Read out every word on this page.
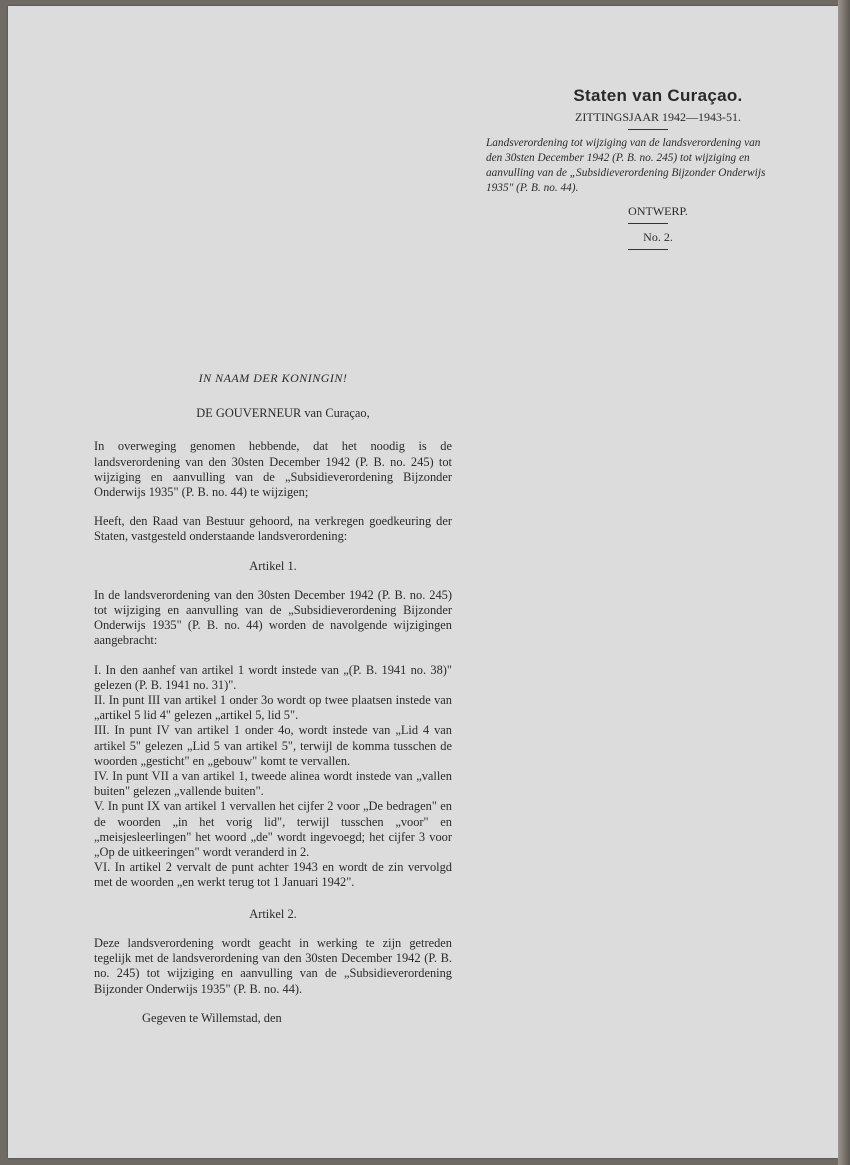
Staten van Curaçao.
ZITTINGSJAAR 1942—1943-51.
Landsverordening tot wijziging van de landsverordening van den 30sten December 1942 (P. B. no. 245) tot wijziging en aanvulling van de „Subsidieverordening Bijzonder Onderwijs 1935" (P. B. no. 44).
ONTWERP.
No. 2.
IN NAAM DER KONINGIN!
DE GOUVERNEUR van Curaçao,

In overweging genomen hebbende, dat het noodig is de landsverordening van den 30sten December 1942 (P. B. no. 245) tot wijziging en aanvulling van de „Subsidieverordening Bijzonder Onderwijs 1935" (P. B. no. 44) te wijzigen;

Heeft, den Raad van Bestuur gehoord, na verkregen goedkeuring der Staten, vastgesteld onderstaande landsverordening:

Artikel 1.

In de landsverordening van den 30sten December 1942 (P. B. no. 245) tot wijziging en aanvulling van de „Subsidieverordening Bijzonder Onderwijs 1935" (P. B. no. 44) worden de navolgende wijzigingen aangebracht:

I. In den aanhef van artikel 1 wordt instede van „(P. B. 1941 no. 38)" gelezen (P. B. 1941 no. 31)".

II. In punt III van artikel 1 onder 3o wordt op twee plaatsen instede van „artikel 5 lid 4" gelezen „artikel 5, lid 5".

III. In punt IV van artikel 1 onder 4o, wordt instede van „Lid 4 van artikel 5" gelezen „Lid 5 van artikel 5", terwijl de komma tusschen de woorden „gesticht" en „gebouw" komt te vervallen.

IV. In punt VII a van artikel 1, tweede alinea wordt instede van „vallen buiten" gelezen „vallende buiten".

V. In punt IX van artikel 1 vervallen het cijfer 2 voor „De bedragen" en de woorden „in het vorig lid", terwijl tusschen „voor" en „meisjesleerlingen" het woord „de" wordt ingevoegd; het cijfer 3 voor „Op de uitkeeringen" wordt veranderd in 2.

VI. In artikel 2 vervalt de punt achter 1943 en wordt de zin vervolgd met de woorden „en werkt terug tot 1 Januari 1942".

Artikel 2.

Deze landsverordening wordt geacht in werking te zijn getreden tegelijk met de landsverordening van den 30sten December 1942 (P. B. no. 245) tot wijziging en aanvulling van de „Subsidieverordening Bijzonder Onderwijs 1935" (P. B. no. 44).

Gegeven te Willemstad, den
